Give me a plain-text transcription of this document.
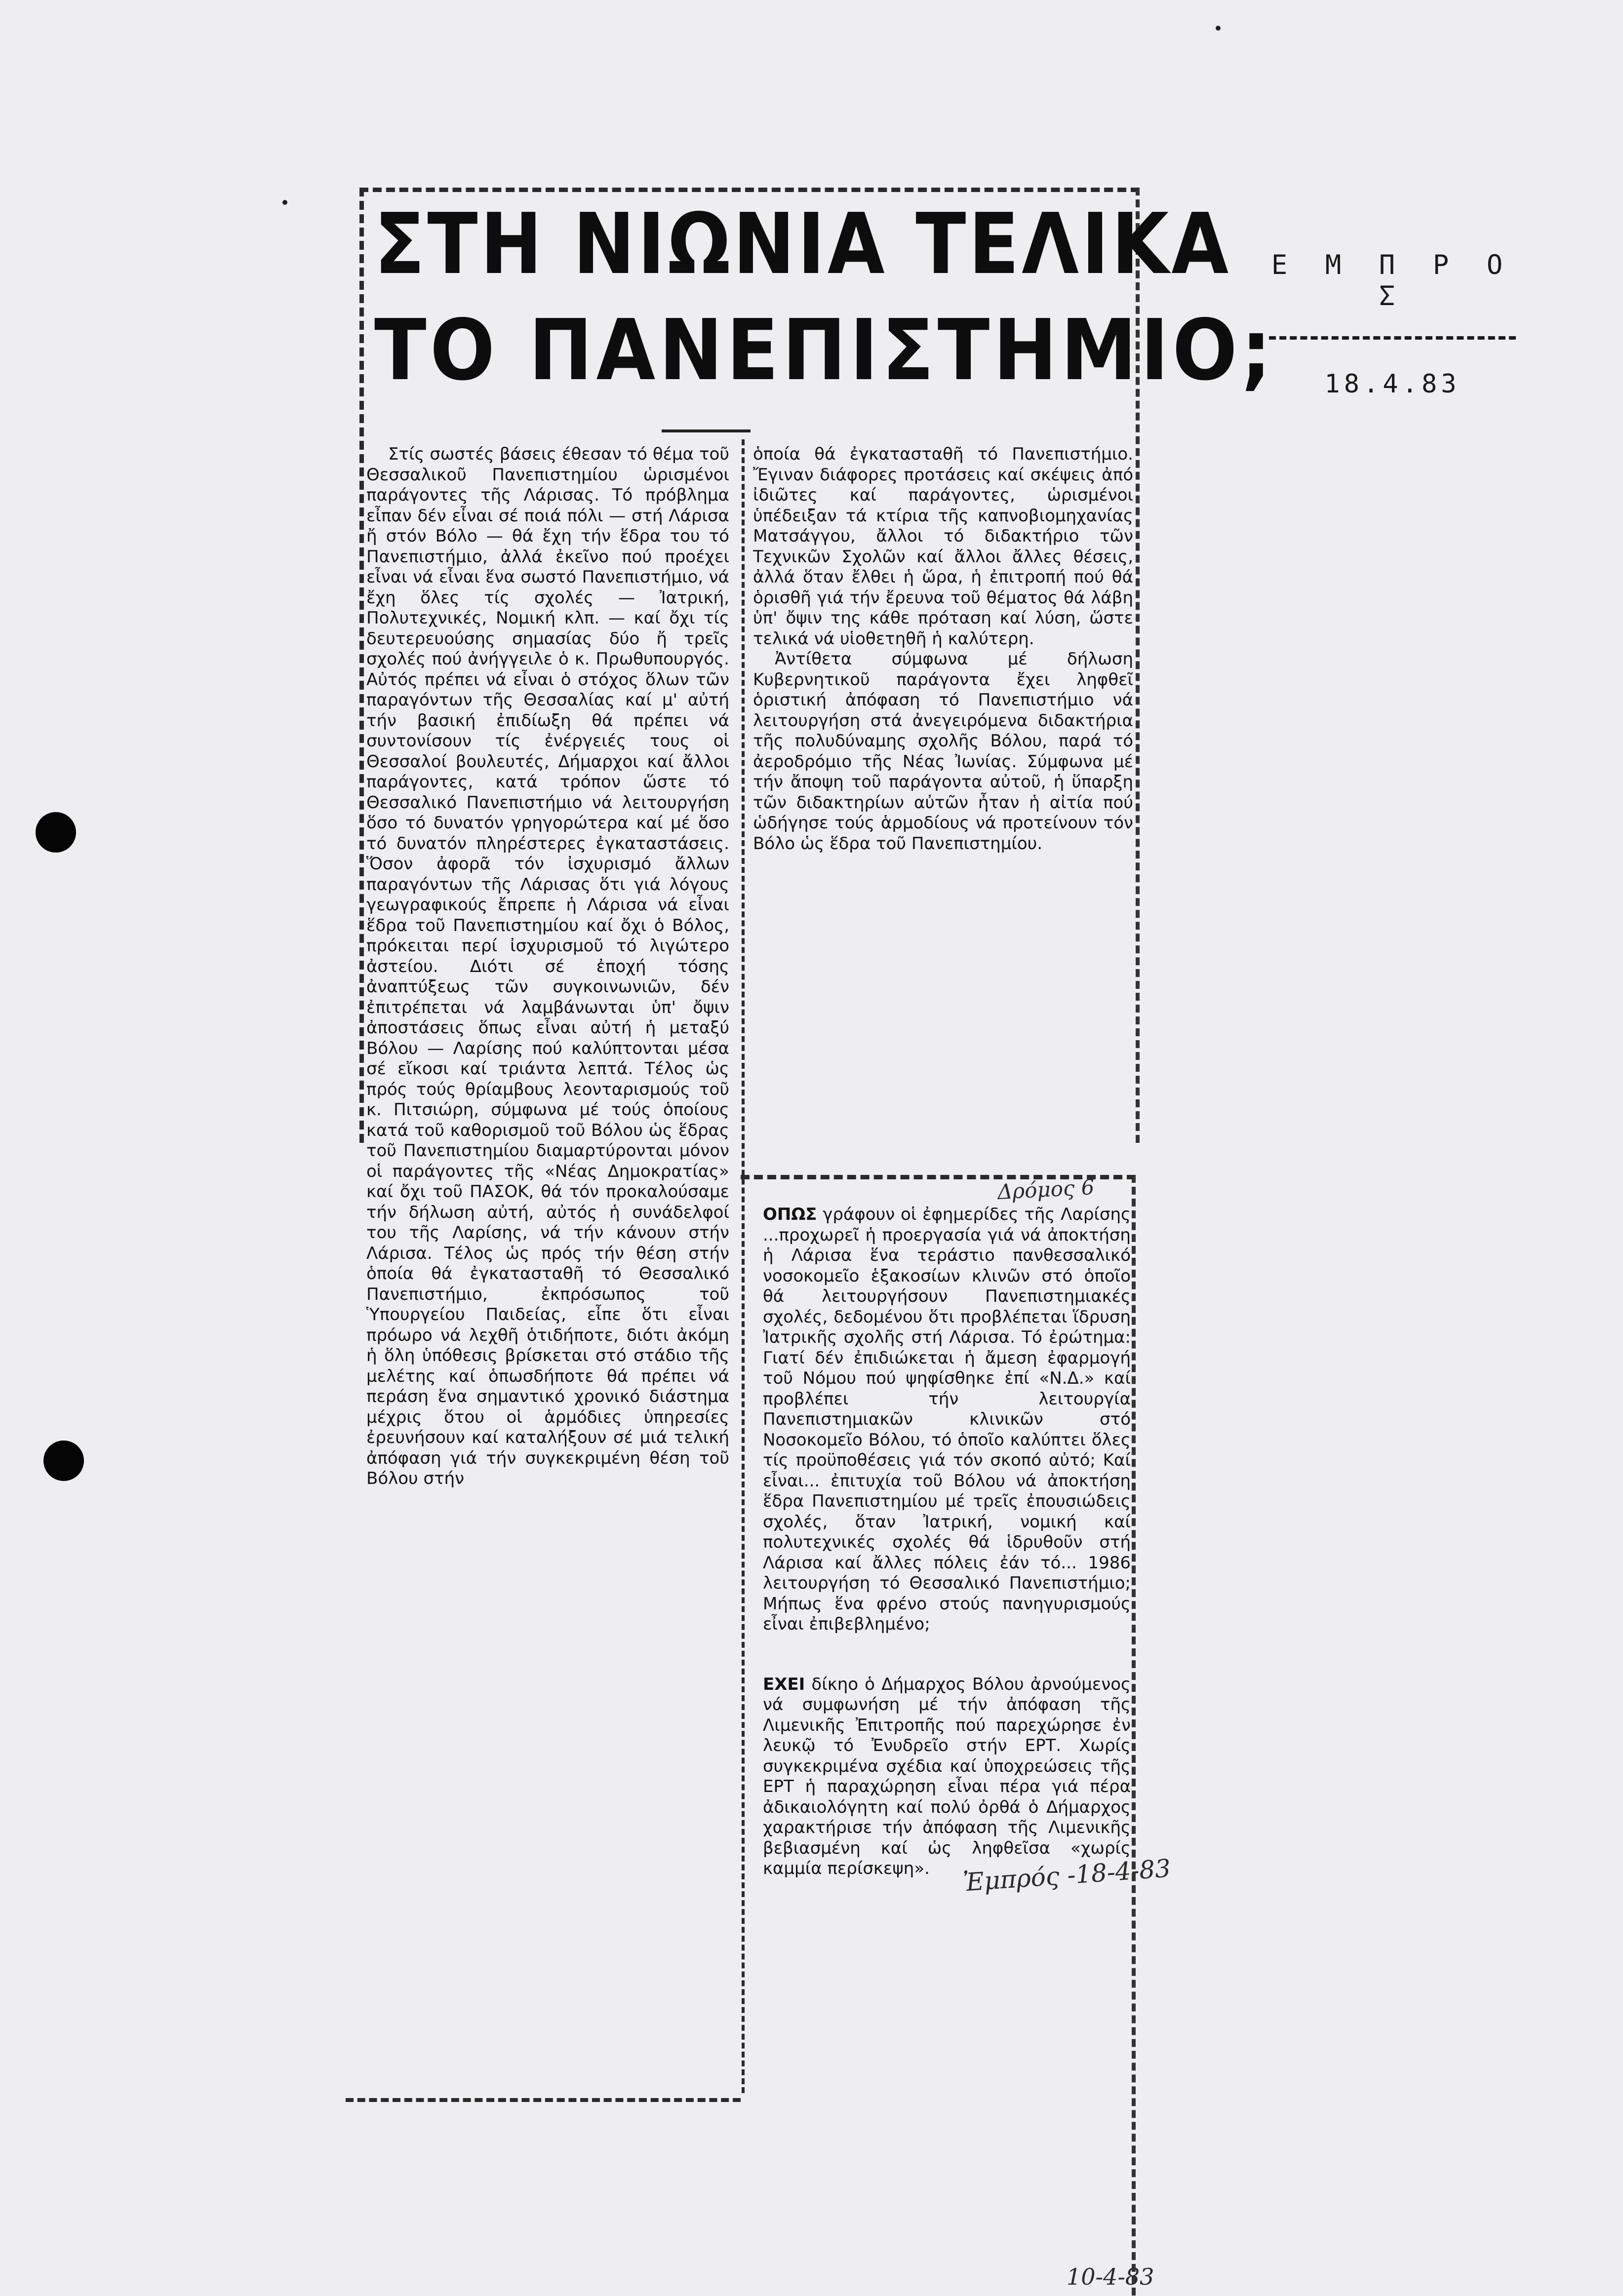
Ε Μ Π Ρ Ο Σ
18.4.83
ΣΤΗ ΝΙΩΝΙΑ ΤΕΛΙΚΑ
ΤΟ ΠΑΝΕΠΙΣΤΗΜΙΟ;

Στίς σωστές βάσεις έθεσαν τό θέμα τοῦ Θεσσαλικοῦ Πανεπιστημίου ὡρισμένοι παράγοντες τῆς Λάρισας. Τό πρόβλημα εἶπαν δέν εἶναι σέ ποιά πόλι — στή Λάρισα ἤ στόν Βόλο — θά ἔχη τήν ἕδρα του τό Πανεπιστήμιο, ἀλλά ἐκεῖνο πού προέχει εἶναι νά εἶναι ἕνα σωστό Πανεπιστήμιο, νά ἔχη ὅλες τίς σχολές — Ἰατρική, Πολυτεχνικές, Νομική κλπ. — καί ὄχι τίς δευτερευούσης σημασίας δύο ἤ τρεῖς σχολές πού ἀνήγγειλε ὁ κ. Πρωθυπουργός. Αὐτός πρέπει νά εἶναι ὁ στόχος ὅλων τῶν παραγόντων τῆς Θεσσαλίας καί μ' αὐτή τήν βασική ἐπιδίωξη θά πρέπει νά συντονίσουν τίς ἐνέργειές τους οἱ Θεσσαλοί βουλευτές, Δήμαρχοι καί ἄλλοι παράγοντες, κατά τρόπον ὥστε τό Θεσσαλικό Πανεπιστήμιο νά λειτουργήση ὅσο τό δυνατόν γρηγορώτερα καί μέ ὅσο τό δυνατόν πληρέστερες ἐγκαταστάσεις. Ὅσον ἀφορᾶ τόν ἰσχυρισμό ἄλλων παραγόντων τῆς Λάρισας ὅτι γιά λόγους γεωγραφικούς ἔπρεπε ἡ Λάρισα νά εἶναι ἕδρα τοῦ Πανεπιστημίου καί ὄχι ὁ Βόλος, πρόκειται περί ἰσχυρισμοῦ τό λιγώτερο ἀστείου. Διότι σέ ἐποχή τόσης ἀναπτύξεως τῶν συγκοινωνιῶν, δέν ἐπιτρέπεται νά λαμβάνωνται ὑπ' ὄψιν ἀποστάσεις ὅπως εἶναι αὐτή ἡ μεταξύ Βόλου — Λαρίσης πού καλύπτονται μέσα σέ εἴκοσι καί τριάντα λεπτά. Τέλος ὡς πρός τούς θρίαμβους λεονταρισμούς τοῦ κ. Πιτσιώρη, σύμφωνα μέ τούς ὁποίους κατά τοῦ καθορισμοῦ τοῦ Βόλου ὡς ἕδρας τοῦ Πανεπιστημίου διαμαρτύρονται μόνον οἱ παράγοντες τῆς «Νέας Δημοκρατίας» καί ὄχι τοῦ ΠΑΣΟΚ, θά τόν προκαλούσαμε τήν δήλωση αὐτή, αὐτός ἡ συνάδελφοί του τῆς Λαρίσης, νά τήν κάνουν στήν Λάρισα. Τέλος ὡς πρός τήν θέση στήν ὁποία θά ἐγκατασταθῆ τό Θεσσαλικό Πανεπιστήμιο, ἐκπρόσωπος τοῦ Ὑπουργείου Παιδείας, εἶπε ὅτι εἶναι πρόωρο νά λεχθῆ ὁτιδήποτε, διότι ἀκόμη ἡ ὅλη ὑπόθεσις βρίσκεται στό στάδιο τῆς μελέτης καί ὁπωσδήποτε θά πρέπει νά περάση ἕνα σημαντικό χρονικό διάστημα μέχρις ὅτου οἱ ἁρμόδιες ὑπηρεσίες ἐρευνήσουν καί καταλήξουν σέ μιά τελική ἀπόφαση γιά τήν συγκεκριμένη θέση τοῦ Βόλου στήν

ὁποία θά ἐγκατασταθῆ τό Πανεπιστήμιο. Ἔγιναν διάφορες προτάσεις καί σκέψεις ἀπό ἰδιῶτες καί παράγοντες, ὡρισμένοι ὑπέδειξαν τά κτίρια τῆς καπνοβιομηχανίας Ματσάγγου, ἄλλοι τό διδακτήριο τῶν Τεχνικῶν Σχολῶν καί ἄλλοι ἄλλες θέσεις, ἀλλά ὅταν ἔλθει ἡ ὥρα, ἡ ἐπιτροπή πού θά ὁρισθῆ γιά τήν ἔρευνα τοῦ θέματος θά λάβη ὑπ' ὄψιν της κάθε πρόταση καί λύση, ὥστε τελικά νά υἱοθετηθῆ ἡ καλύτερη.

Ἀντίθετα σύμφωνα μέ δήλωση Κυβερνητικοῦ παράγοντα ἔχει ληφθεῖ ὁριστική ἀπόφαση τό Πανεπιστήμιο νά λειτουργήση στά ἀνεγειρόμενα διδακτήρια τῆς πολυδύναμης σχολῆς Βόλου, παρά τό ἀεροδρόμιο τῆς Νέας Ἰωνίας. Σύμφωνα μέ τήν ἄποψη τοῦ παράγοντα αὐτοῦ, ἡ ὕπαρξη τῶν διδακτηρίων αὐτῶν ἦταν ἡ αἰτία πού ὡδήγησε τούς ἁρμοδίους νά προτείνουν τόν Βόλο ὡς ἕδρα τοῦ Πανεπιστημίου.

Δρόμος 6

ΟΠΩΣ γράφουν οἱ ἐφημερίδες τῆς Λαρίσης ...προχωρεῖ ἡ προεργασία γιά νά ἀποκτήση ἡ Λάρισα ἕνα τεράστιο πανθεσσαλικό νοσοκομεῖο ἑξακοσίων κλινῶν στό ὁποῖο θά λειτουργήσουν Πανεπιστημιακές σχολές, δεδομένου ὅτι προβλέπεται ἵδρυση Ἰατρικῆς σχολῆς στή Λάρισα. Τό ἐρώτημα: Γιατί δέν ἐπιδιώκεται ἡ ἄμεση ἐφαρμογή τοῦ Νόμου πού ψηφίσθηκε ἐπί «Ν.Δ.» καί προβλέπει τήν λειτουργία Πανεπιστημιακῶν κλινικῶν στό Νοσοκομεῖο Βόλου, τό ὁποῖο καλύπτει ὅλες τίς προϋποθέσεις γιά τόν σκοπό αὐτό; Καί εἶναι... ἐπιτυχία τοῦ Βόλου νά ἀποκτήση ἕδρα Πανεπιστημίου μέ τρεῖς ἐπουσιώδεις σχολές, ὅταν Ἰατρική, νομική καί πολυτεχνικές σχολές θά ἱδρυθοῦν στή Λάρισα καί ἄλλες πόλεις ἐάν τό... 1986 λειτουργήση τό Θεσσαλικό Πανεπιστήμιο; Μήπως ἕνα φρένο στούς πανηγυρισμούς εἶναι ἐπιβεβλημένο;

ΕΧΕΙ δίκηο ὁ Δήμαρχος Βόλου ἀρνούμενος νά συμφωνήση μέ τήν ἀπόφαση τῆς Λιμενικῆς Ἐπιτροπῆς πού παρεχώρησε ἐν λευκῷ τό Ἐνυδρεῖο στήν ΕΡΤ. Χωρίς συγκεκριμένα σχέδια καί ὑποχρεώσεις τῆς ΕΡΤ ἡ παραχώρηση εἶναι πέρα γιά πέρα ἀδικαιολόγητη καί πολύ ὀρθά ὁ Δήμαρχος χαρακτήρισε τήν ἀπόφαση τῆς Λιμενικῆς βεβιασμένη καί ὡς ληφθεῖσα «χωρίς καμμία περίσκεψη».	Ἐμπρός -18-4-83
10-4-83
